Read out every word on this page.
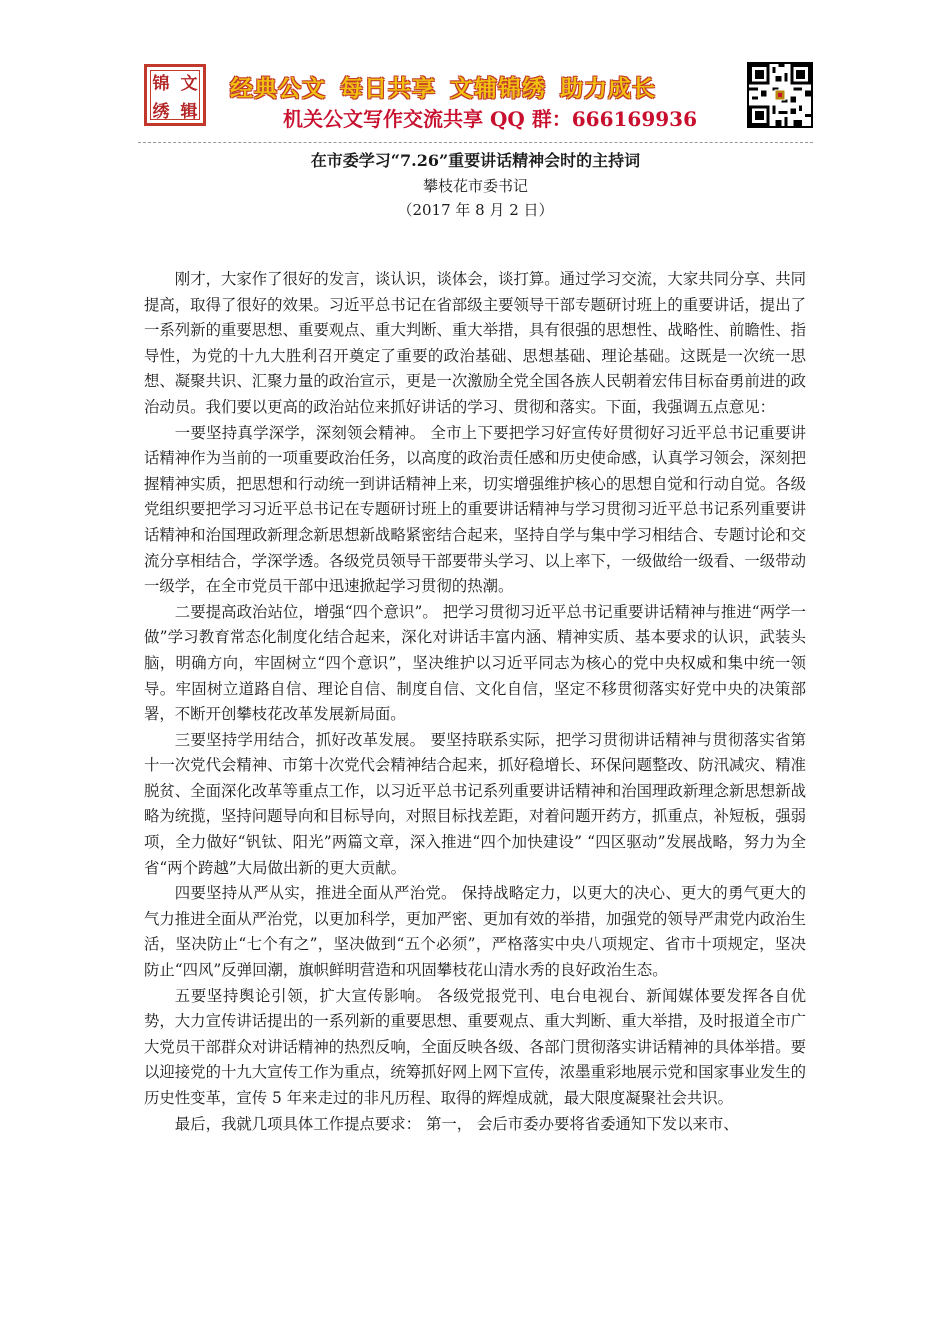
锦 文
绣 辑
经典公文 每日共享 文辅锦绣 助力成长
机关公文写作交流共享 QQ 群：666169936
在市委学习“7.26”重要讲话精神会时的主持词
攀枝花市委书记
（2017 年 8 月 2 日）

刚才，大家作了很好的发言，谈认识，谈体会，谈打算。通过学习交流，大家共同分享、共同提高，取得了很好的效果。习近平总书记在省部级主要领导干部专题研讨班上的重要讲话，提出了一系列新的重要思想、重要观点、重大判断、重大举措，具有很强的思想性、战略性、前瞻性、指导性，为党的十九大胜利召开奠定了重要的政治基础、思想基础、理论基础。这既是一次统一思想、凝聚共识、汇聚力量的政治宣示，更是一次激励全党全国各族人民朝着宏伟目标奋勇前进的政治动员。我们要以更高的政治站位来抓好讲话的学习、贯彻和落实。下面，我强调五点意见：

一要坚持真学深学，深刻领会精神。 全市上下要把学习好宣传好贯彻好习近平总书记重要讲话精神作为当前的一项重要政治任务，以高度的政治责任感和历史使命感，认真学习领会，深刻把握精神实质，把思想和行动统一到讲话精神上来，切实增强维护核心的思想自觉和行动自觉。各级党组织要把学习习近平总书记在专题研讨班上的重要讲话精神与学习贯彻习近平总书记系列重要讲话精神和治国理政新理念新思想新战略紧密结合起来，坚持自学与集中学习相结合、专题讨论和交流分享相结合，学深学透。各级党员领导干部要带头学习、以上率下，一级做给一级看、一级带动一级学，在全市党员干部中迅速掀起学习贯彻的热潮。

二要提高政治站位，增强“四个意识”。 把学习贯彻习近平总书记重要讲话精神与推进“两学一做”学习教育常态化制度化结合起来，深化对讲话丰富内涵、精神实质、基本要求的认识，武装头脑，明确方向，牢固树立“四个意识”，坚决维护以习近平同志为核心的党中央权威和集中统一领导。牢固树立道路自信、理论自信、制度自信、文化自信，坚定不移贯彻落实好党中央的决策部署，不断开创攀枝花改革发展新局面。

三要坚持学用结合，抓好改革发展。 要坚持联系实际，把学习贯彻讲话精神与贯彻落实省第十一次党代会精神、市第十次党代会精神结合起来，抓好稳增长、环保问题整改、防汛减灾、精准脱贫、全面深化改革等重点工作，以习近平总书记系列重要讲话精神和治国理政新理念新思想新战略为统揽，坚持问题导向和目标导向，对照目标找差距，对着问题开药方，抓重点，补短板，强弱项，全力做好“钒钛、阳光”两篇文章，深入推进“四个加快建设” “四区驱动”发展战略，努力为全省“两个跨越”大局做出新的更大贡献。

四要坚持从严从实，推进全面从严治党。 保持战略定力，以更大的决心、更大的勇气更大的气力推进全面从严治党，以更加科学，更加严密、更加有效的举措，加强党的领导严肃党内政治生活，坚决防止“七个有之”，坚决做到“五个必须”，严格落实中央八项规定、省市十项规定，坚决防止“四风”反弹回潮，旗帜鲜明营造和巩固攀枝花山清水秀的良好政治生态。

五要坚持舆论引领，扩大宣传影响。 各级党报党刊、电台电视台、新闻媒体要发挥各自优势，大力宣传讲话提出的一系列新的重要思想、重要观点、重大判断、重大举措，及时报道全市广大党员干部群众对讲话精神的热烈反响，全面反映各级、各部门贯彻落实讲话精神的具体举措。要以迎接党的十九大宣传工作为重点，统筹抓好网上网下宣传，浓墨重彩地展示党和国家事业发生的历史性变革，宣传 5 年来走过的非凡历程、取得的辉煌成就，最大限度凝聚社会共识。

最后，我就几项具体工作提点要求： 第一， 会后市委办要将省委通知下发以来市、
